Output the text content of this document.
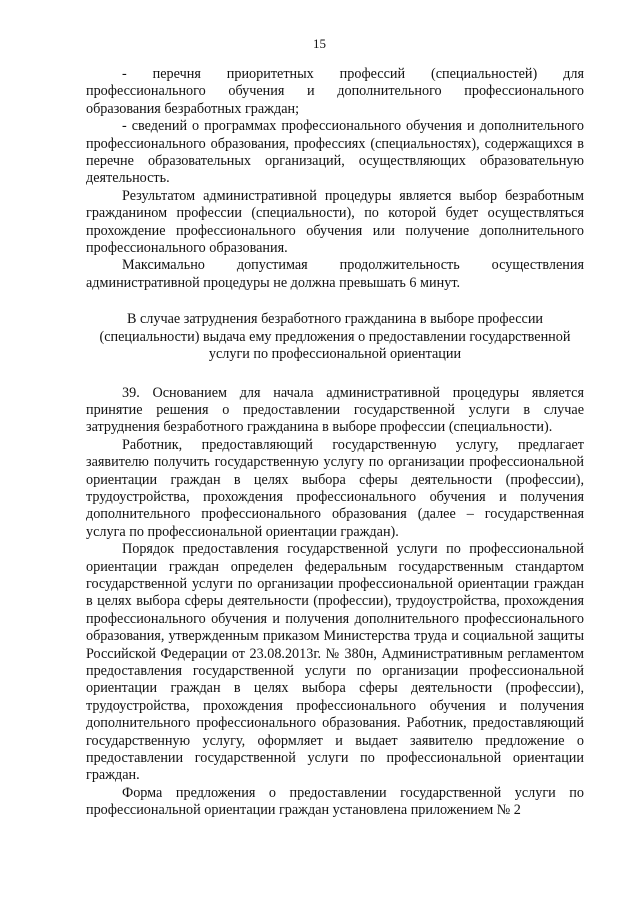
15

- перечня приоритетных профессий (специальностей) для профессионального обучения и дополнительного профессионального образования безработных граждан;

- сведений о программах профессионального обучения и дополнительного профессионального образования, профессиях (специальностях), содержащихся в перечне образовательных организаций, осуществляющих образовательную деятельность.

Результатом административной процедуры является выбор безработным гражданином профессии (специальности), по которой будет осуществляться прохождение профессионального обучения или получение дополнительного профессионального образования.

Максимально допустимая продолжительность осуществления административной процедуры не должна превышать 6 минут.

В случае затруднения безработного гражданина в выборе профессии
(специальности) выдача ему предложения о предоставлении государственной
услуги по профессиональной ориентации

39. Основанием для начала административной процедуры является принятие решения о предоставлении государственной услуги в случае затруднения безработного гражданина в выборе профессии (специальности).

Работник, предоставляющий государственную услугу, предлагает заявителю получить государственную услугу по организации профессиональной ориентации граждан в целях выбора сферы деятельности (профессии), трудоустройства, прохождения профессионального обучения и получения дополнительного профессионального образования (далее – государственная услуга по профессиональной ориентации граждан).

Порядок предоставления государственной услуги по профессиональной ориентации граждан определен федеральным государственным стандартом государственной услуги по организации профессиональной ориентации граждан в целях выбора сферы деятельности (профессии), трудоустройства, прохождения профессионального обучения и получения дополнительного профессионального образования, утвержденным приказом Министерства труда и социальной защиты Российской Федерации от 23.08.2013г. № 380н, Административным регламентом предоставления государственной услуги по организации профессиональной ориентации граждан в целях выбора сферы деятельности (профессии), трудоустройства, прохождения профессионального обучения и получения дополнительного профессионального образования. Работник, предоставляющий государственную услугу, оформляет и выдает заявителю предложение о предоставлении государственной услуги по профессиональной ориентации граждан.

Форма предложения о предоставлении государственной услуги по профессиональной ориентации граждан установлена приложением № 2
